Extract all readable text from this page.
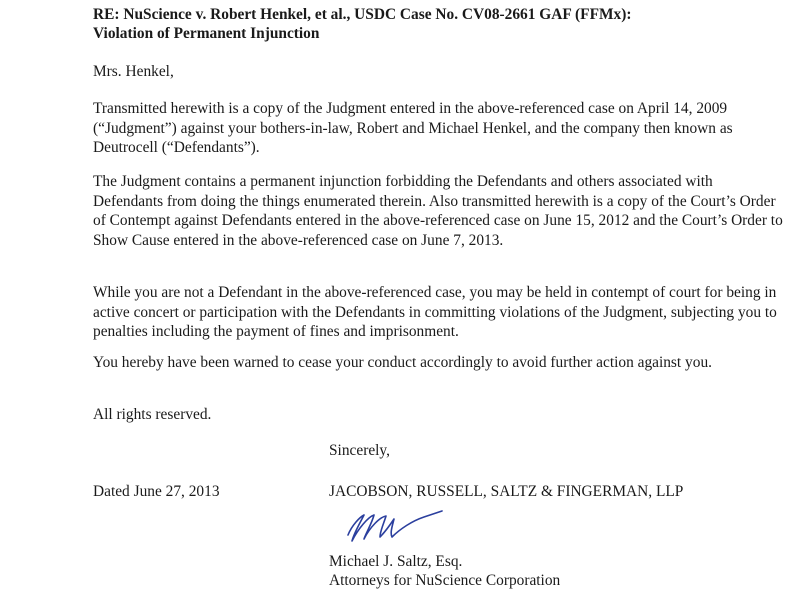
RE: NuScience v. Robert Henkel, et al., USDC Case No. CV08-2661 GAF (FFMx):
Violation of Permanent Injunction

Mrs. Henkel,

Transmitted herewith is a copy of the Judgment entered in the above-referenced case on April 14, 2009 (“Judgment”) against your bothers-in-law, Robert and Michael Henkel, and the company then known as Deutrocell (“Defendants”).

The Judgment contains a permanent injunction forbidding the Defendants and others associated with Defendants from doing the things enumerated therein. Also transmitted herewith is a copy of the Court’s Order of Contempt against Defendants entered in the above-referenced case on June 15, 2012 and the Court’s Order to Show Cause entered in the above-referenced case on June 7, 2013.

While you are not a Defendant in the above-referenced case, you may be held in contempt of court for being in active concert or participation with the Defendants in committing violations of the Judgment, subjecting you to penalties including the payment of fines and imprisonment.

You hereby have been warned to cease your conduct accordingly to avoid further action against you.

All rights reserved.

Sincerely,
Dated June 27, 2013	JACOBSON, RUSSELL, SALTZ & FINGERMAN, LLP
Michael J. Saltz, Esq.
Attorneys for NuScience Corporation
